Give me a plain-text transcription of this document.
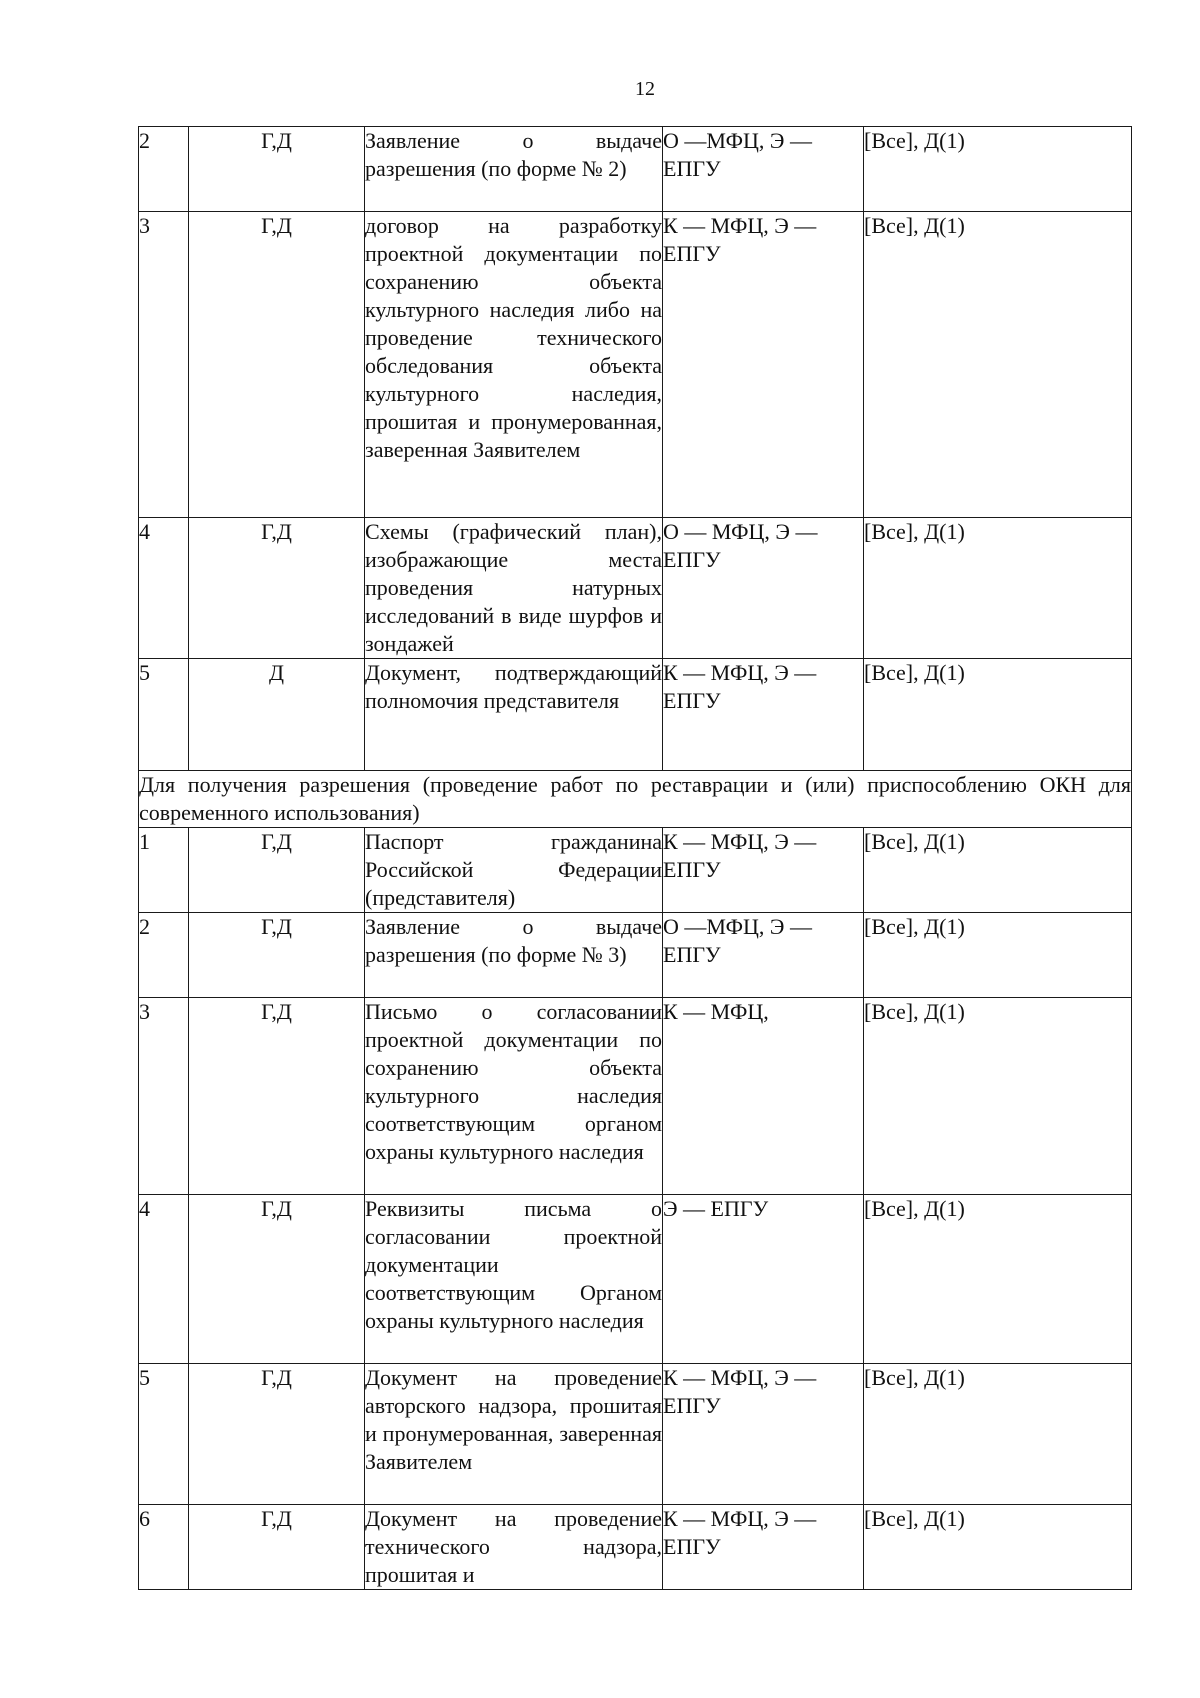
12
2	Г,Д	Заявление о выдаче разрешения (по форме № 2)	О —МФЦ, Э — ЕПГУ	[Все], Д(1)
3	Г,Д	договор на разработку проектной документации по сохранению объекта культурного наследия либо на проведение технического обследования объекта культурного наследия, прошитая и пронумерованная, заверенная Заявителем	К — МФЦ, Э — ЕПГУ	[Все], Д(1)
4	Г,Д	Схемы (графический план), изображающие места проведения натурных исследований в виде шурфов и зондажей	О — МФЦ, Э — ЕПГУ	[Все], Д(1)
5	Д	Документ, подтверждающий полномочия представителя	К — МФЦ, Э — ЕПГУ	[Все], Д(1)
Для получения разрешения (проведение работ по реставрации и (или) приспособлению ОКН для современного использования)				
1	Г,Д	Паспорт гражданина Российской Федерации (представителя)	К — МФЦ, Э — ЕПГУ	[Все], Д(1)
2	Г,Д	Заявление о выдаче разрешения (по форме № 3)	О —МФЦ, Э — ЕПГУ	[Все], Д(1)
3	Г,Д	Письмо о согласовании проектной документации по сохранению объекта культурного наследия соответствующим органом охраны культурного наследия	К — МФЦ,	[Все], Д(1)
4	Г,Д	Реквизиты письма о согласовании проектной документации соответствующим Органом охраны культурного наследия	Э — ЕПГУ	[Все], Д(1)
5	Г,Д	Документ на проведение авторского надзора, прошитая и пронумерованная, заверенная Заявителем	К — МФЦ, Э — ЕПГУ	[Все], Д(1)
6	Г,Д	Документ на проведение технического надзора, прошитая и	К — МФЦ, Э — ЕПГУ	[Все], Д(1)
